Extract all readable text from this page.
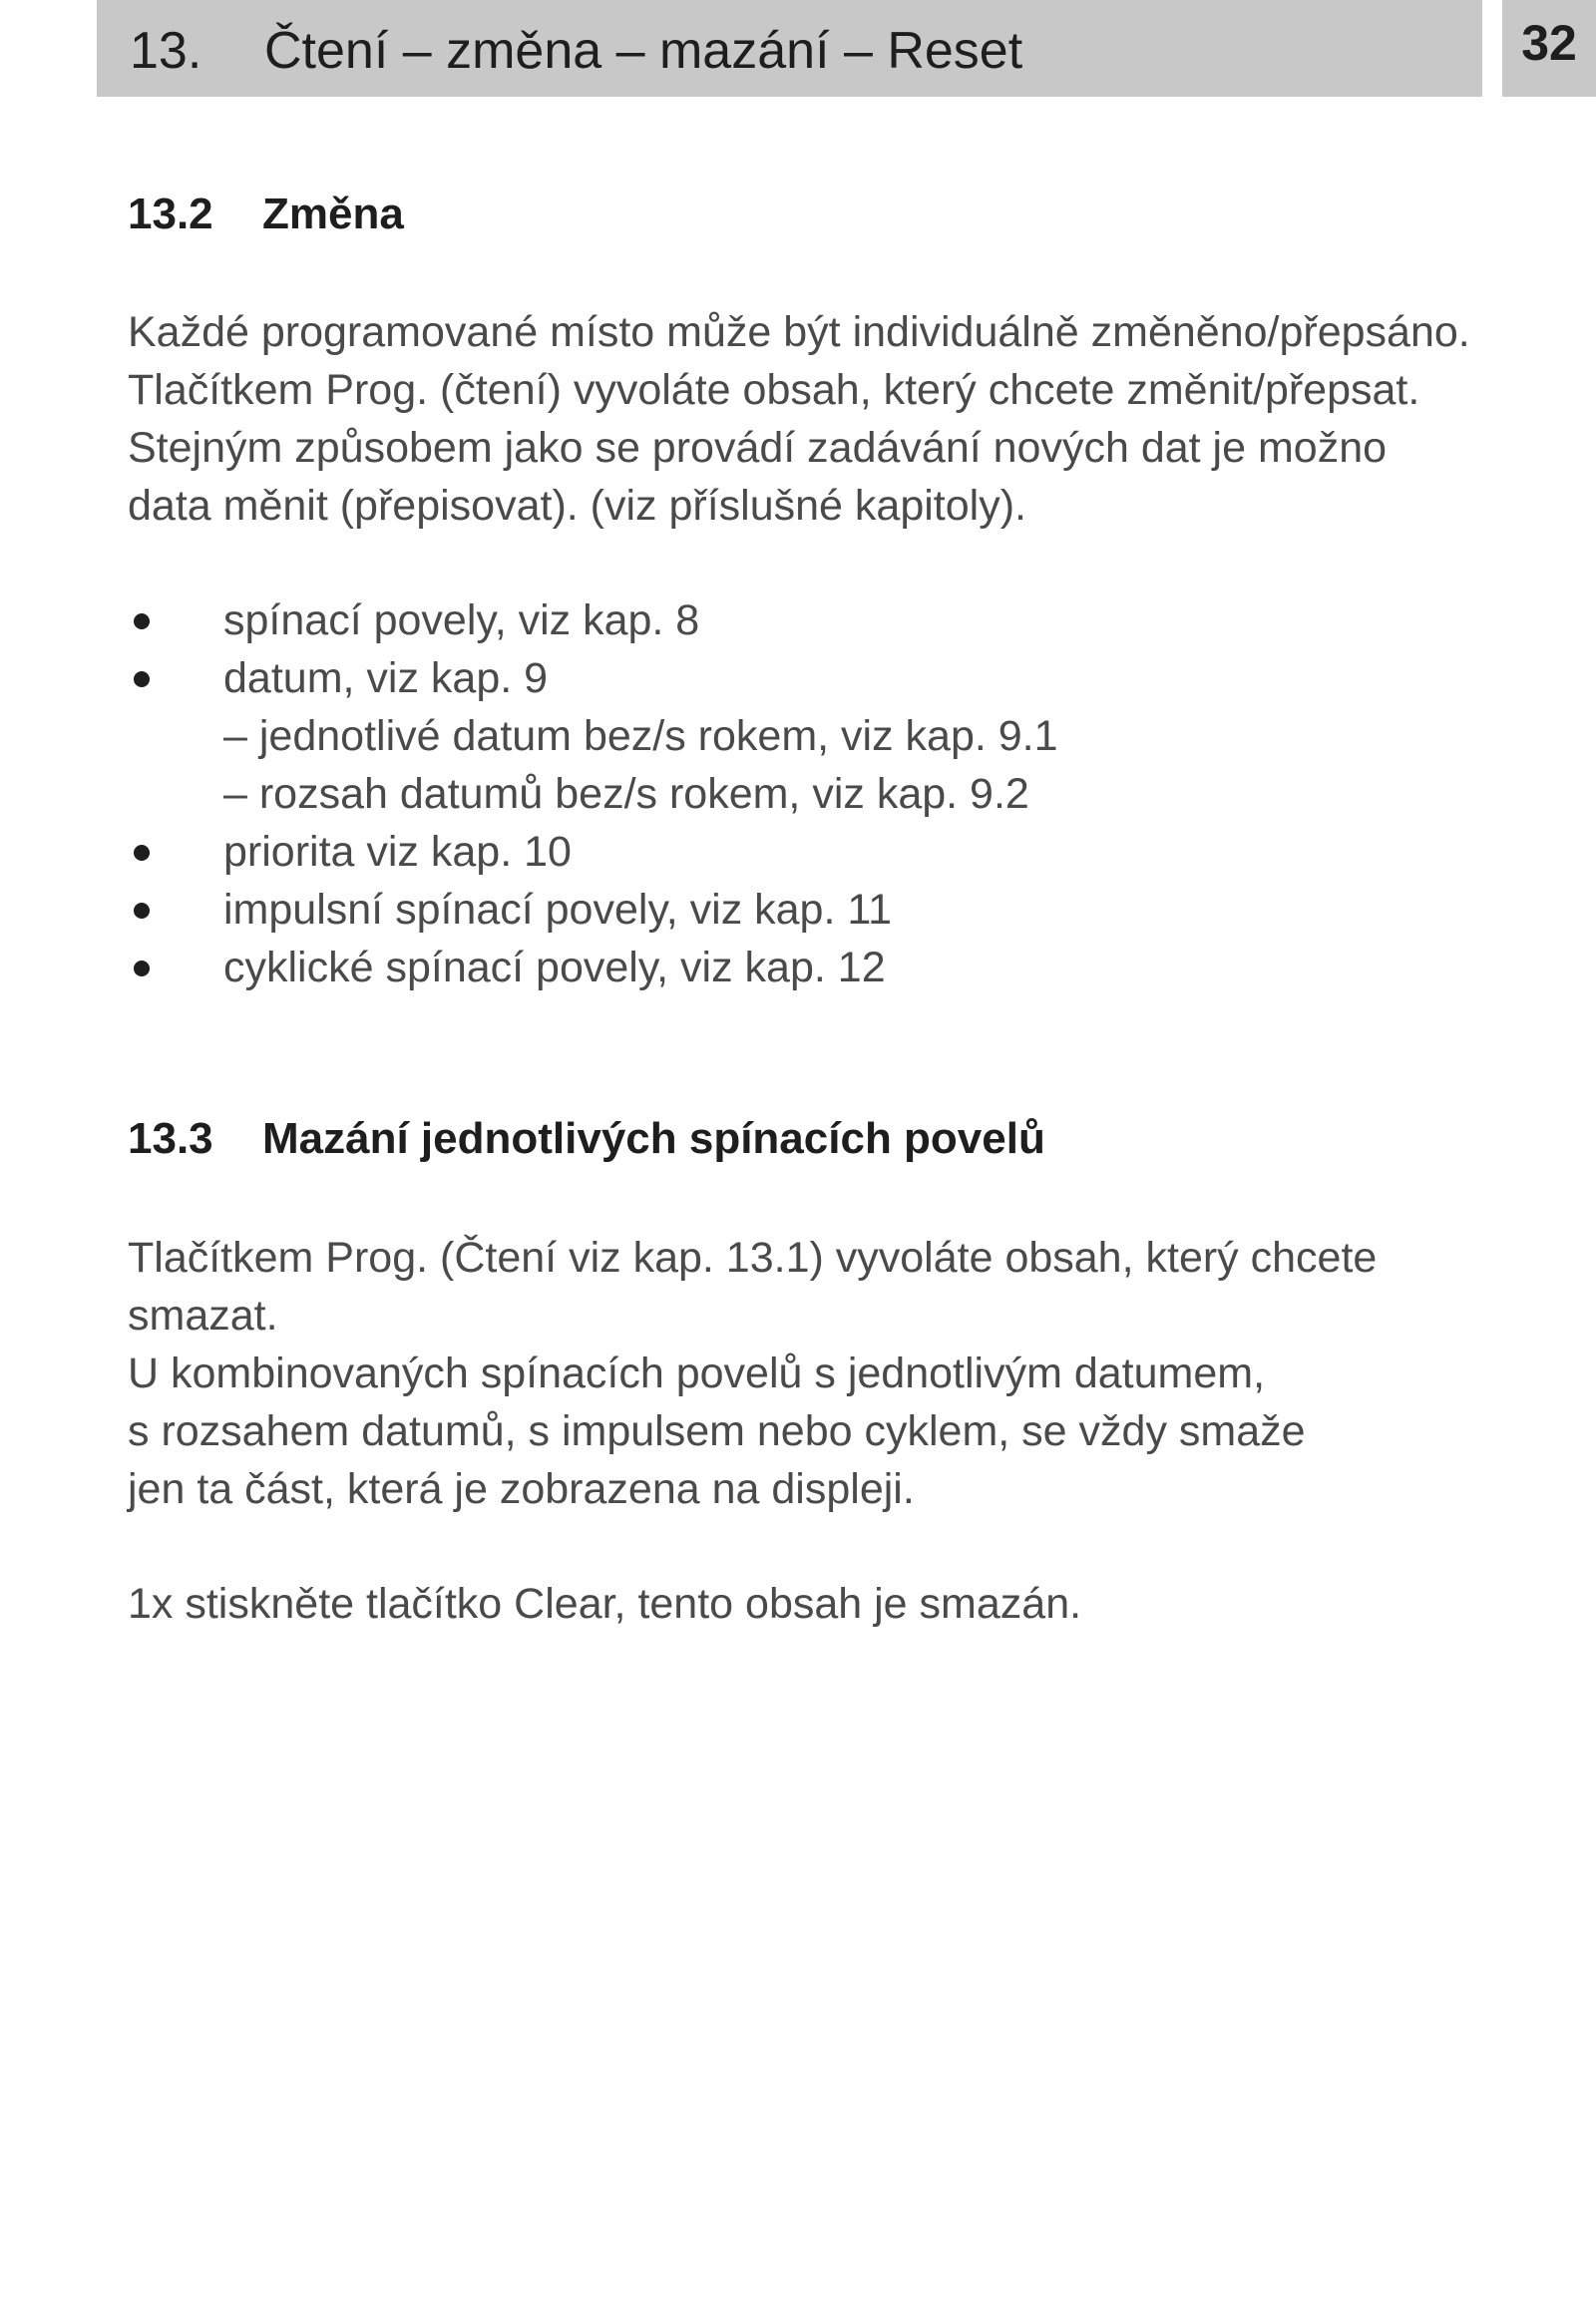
13.	Čtení – změna – mazání – Reset	32
13.2 Změna

Každé programované místo může být individuálně změněno/přepsáno.
Tlačítkem Prog. (čtení) vyvoláte obsah, který chcete změnit/přepsat.
Stejným způsobem jako se provádí zadávání nových dat je možno
data měnit (přepisovat). (viz příslušné kapitoly).

spínací povely, viz kap. 8
datum, viz kap. 9
– jednotlivé datum bez/s rokem, viz kap. 9.1
– rozsah datumů bez/s rokem, viz kap. 9.2
priorita viz kap. 10
impulsní spínací povely, viz kap. 11
cyklické spínací povely, viz kap. 12
13.3 Mazání jednotlivých spínacích povelů

Tlačítkem Prog. (Čtení viz kap. 13.1) vyvoláte obsah, který chcete
smazat.
U kombinovaných spínacích povelů s jednotlivým datumem,
s rozsahem datumů, s impulsem nebo cyklem, se vždy smaže
jen ta část, která je zobrazena na displeji.

1x stiskněte tlačítko Clear, tento obsah je smazán.
